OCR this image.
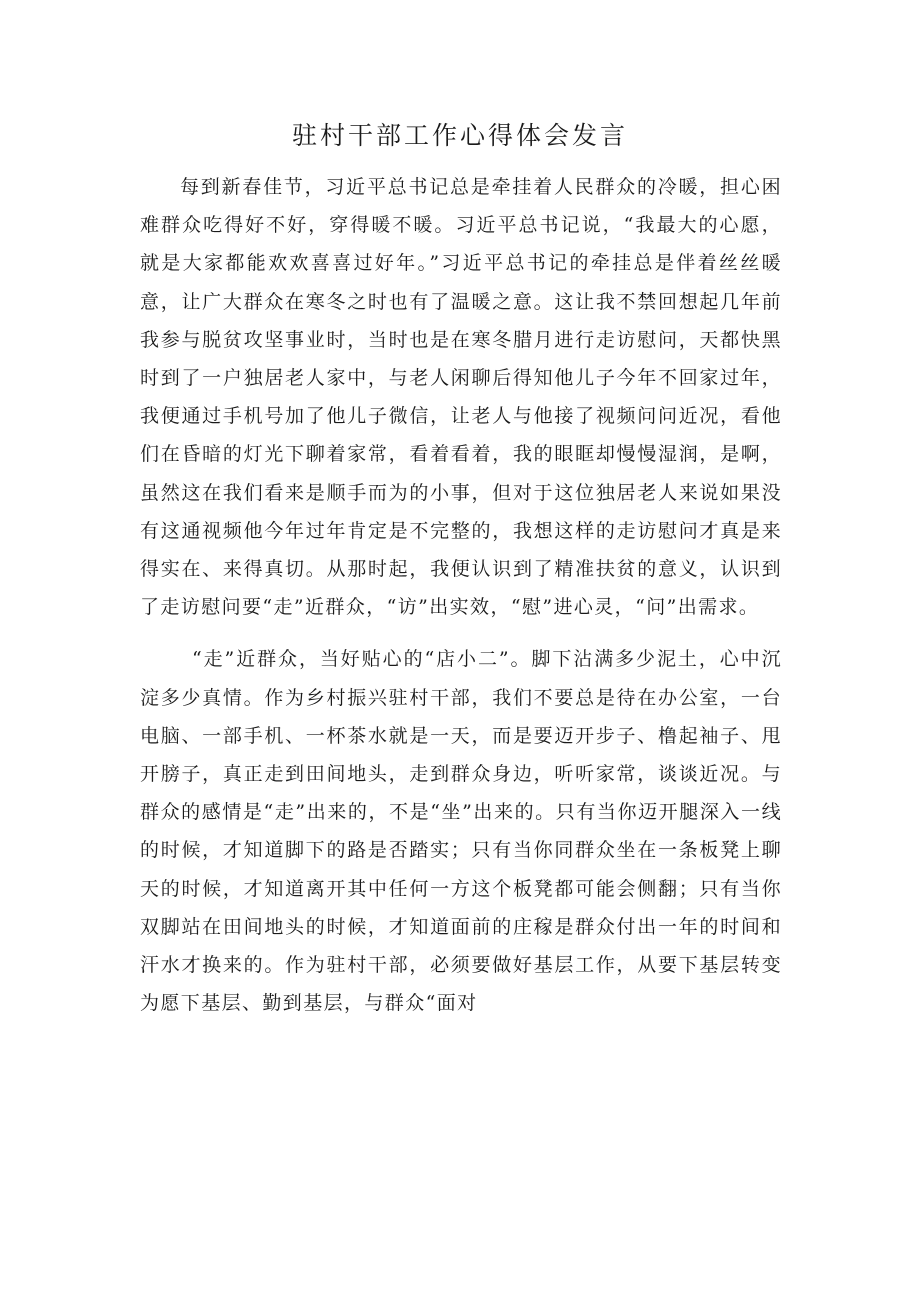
驻村干部工作心得体会发言

每到新春佳节，习近平总书记总是牵挂着人民群众的冷暖，担心困难群众吃得好不好，穿得暖不暖。习近平总书记说，“我最大的心愿，就是大家都能欢欢喜喜过好年。”习近平总书记的牵挂总是伴着丝丝暖意，让广大群众在寒冬之时也有了温暖之意。这让我不禁回想起几年前我参与脱贫攻坚事业时，当时也是在寒冬腊月进行走访慰问，天都快黑时到了一户独居老人家中，与老人闲聊后得知他儿子今年不回家过年，我便通过手机号加了他儿子微信，让老人与他接了视频问问近况，看他们在昏暗的灯光下聊着家常，看着看着，我的眼眶却慢慢湿润，是啊，虽然这在我们看来是顺手而为的小事，但对于这位独居老人来说如果没有这通视频他今年过年肯定是不完整的，我想这样的走访慰问才真是来得实在、来得真切。从那时起，我便认识到了精准扶贫的意义，认识到了走访慰问要“走”近群众，“访”出实效，“慰”进心灵，“问”出需求。

“走”近群众，当好贴心的“店小二”。脚下沾满多少泥土，心中沉淀多少真情。作为乡村振兴驻村干部，我们不要总是待在办公室，一台电脑、一部手机、一杯茶水就是一天，而是要迈开步子、橹起袖子、甩开膀子，真正走到田间地头，走到群众身边，听听家常，谈谈近况。与群众的感情是“走”出来的，不是“坐”出来的。只有当你迈开腿深入一线的时候，才知道脚下的路是否踏实；只有当你同群众坐在一条板凳上聊天的时候，才知道离开其中任何一方这个板凳都可能会侧翻；只有当你双脚站在田间地头的时候，才知道面前的庄稼是群众付出一年的时间和汗水才换来的。作为驻村干部，必须要做好基层工作，从要下基层转变为愿下基层、勤到基层，与群众“面对
